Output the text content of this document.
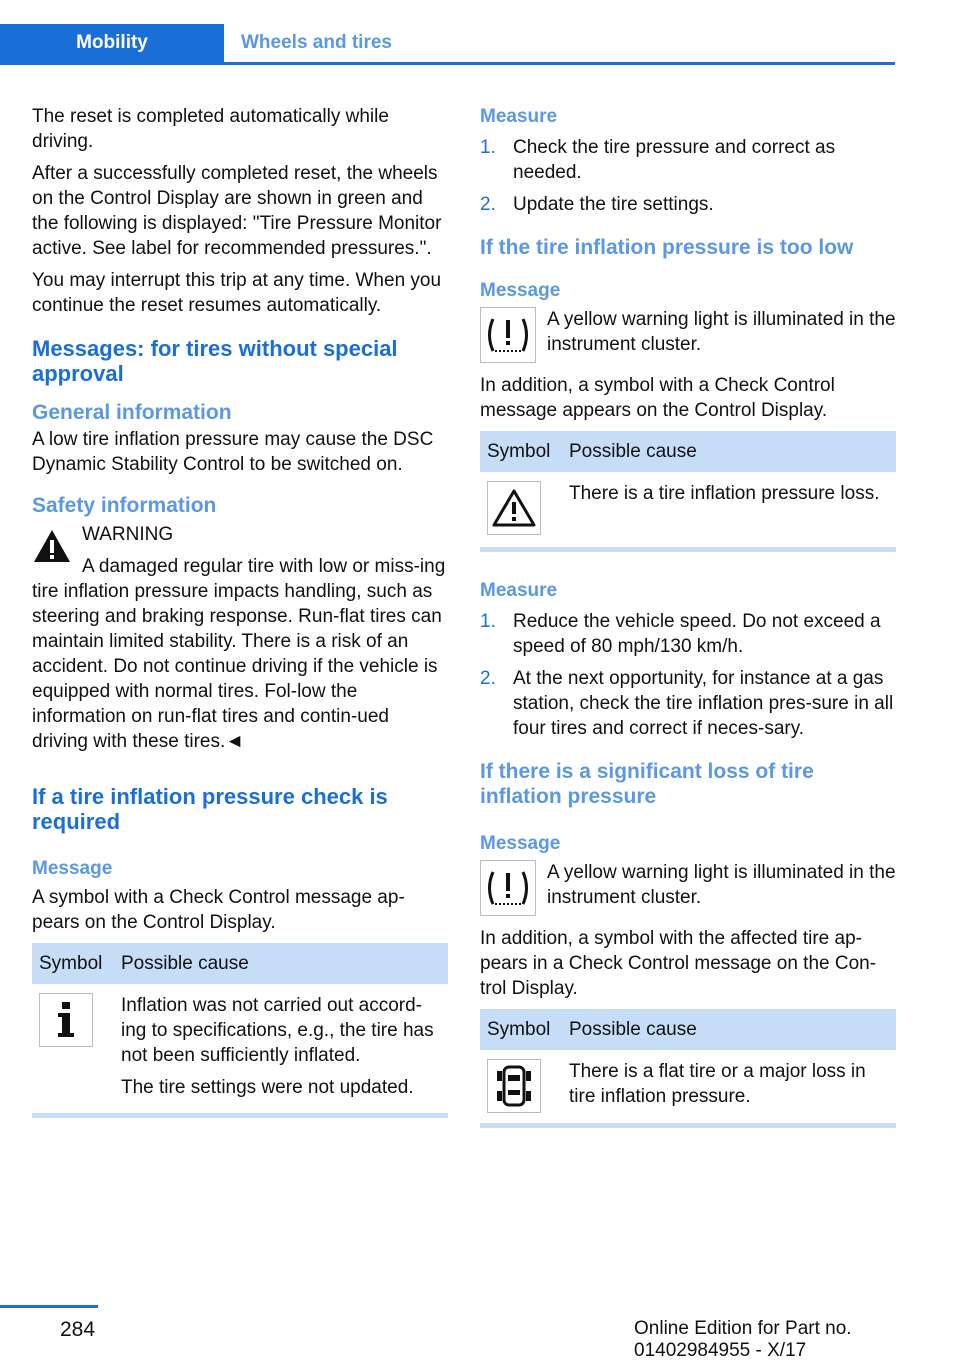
Mobility	Wheels and tires

The reset is completed automatically while driving.

After a successfully completed reset, the wheels on the Control Display are shown in green and the following is displayed: "Tire Pressure Monitor active. See label for recommended pressures.".

You may interrupt this trip at any time. When you continue the reset resumes automatically.

Messages: for tires without special approval
General information

A low tire inflation pressure may cause the DSC Dynamic Stability Control to be switched on.

Safety information
WARNING
A damaged regular tire with low or miss-ing tire inflation pressure impacts handling, such as steering and braking response. Run-flat tires can maintain limited stability. There is a risk of an accident. Do not continue driving if the vehicle is equipped with normal tires. Fol-low the information on run-flat tires and contin-ued driving with these tires.◄
If a tire inflation pressure check is required
Message

A symbol with a Check Control message ap-pears on the Control Display.

Symbol	Possible cause

Inflation was not carried out accord-ing to specifications, e.g., the tire has not been sufficiently inflated.

The tire settings were not updated.

Measure
1. Check the tire pressure and correct as needed.
2. Update the tire settings.
If the tire inflation pressure is too low
Message
A yellow warning light is illuminated in the instrument cluster.

In addition, a symbol with a Check Control message appears on the Control Display.

Symbol	Possible cause

	There is a tire inflation pressure loss.
Measure
1. Reduce the vehicle speed. Do not exceed a speed of 80 mph/130 km/h.
2. At the next opportunity, for instance at a gas station, check the tire inflation pres-sure in all four tires and correct if neces-sary.
If there is a significant loss of tire inflation pressure
Message
A yellow warning light is illuminated in the instrument cluster.

In addition, a symbol with the affected tire ap-pears in a Check Control message on the Con-trol Display.

Symbol	Possible cause

	There is a flat tire or a major loss in tire inflation pressure.
284	Online Edition for Part no. 01402984955 - X/17
